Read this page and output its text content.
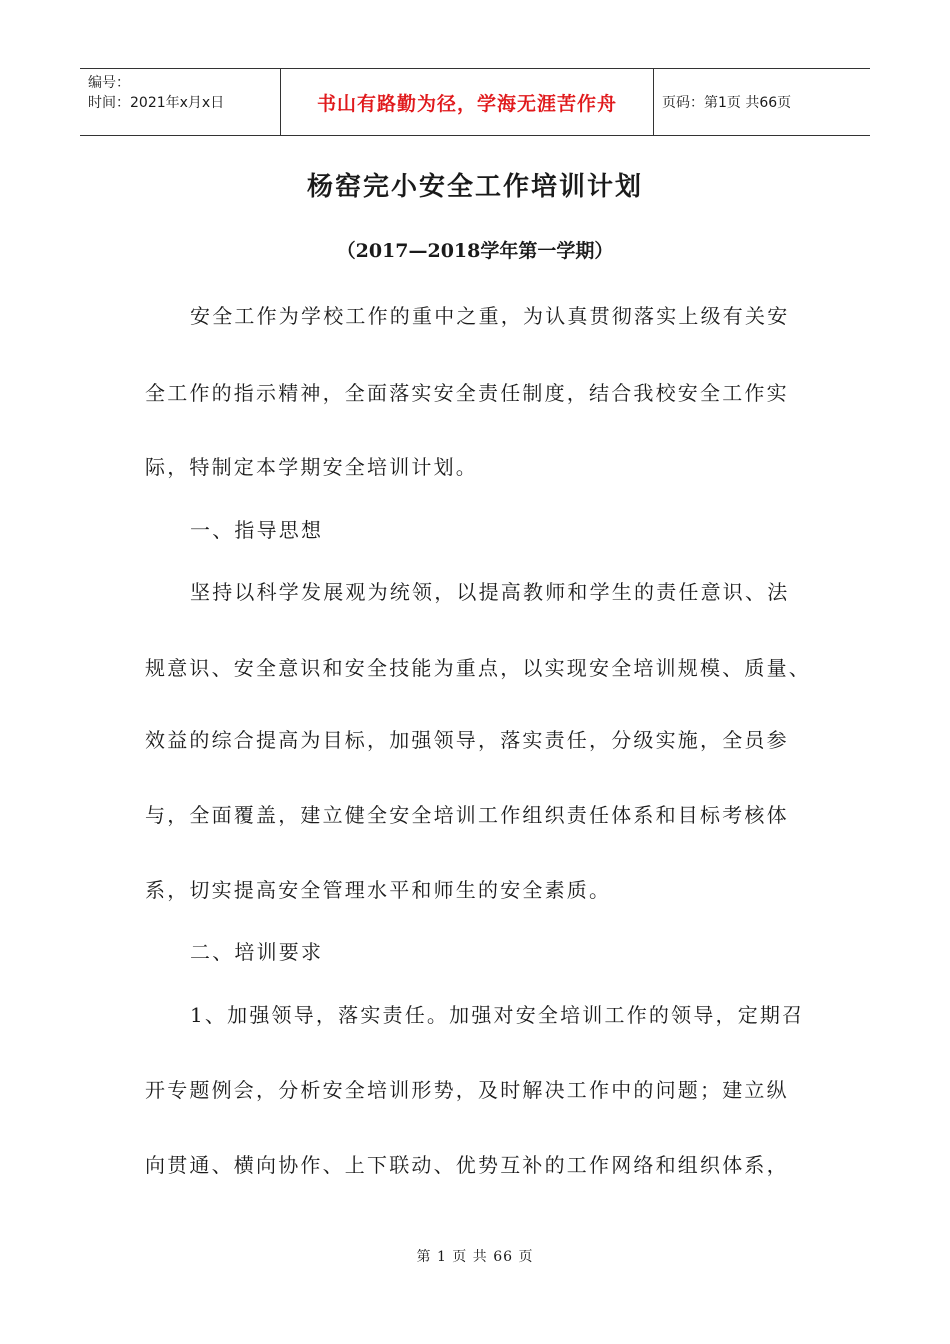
编号：
时间：2021年x月x日	书山有路勤为径，学海无涯苦作舟	页码：第1页 共66页
杨窑完小安全工作培训计划
（2017—2018学年第一学期）
安全工作为学校工作的重中之重，为认真贯彻落实上级有关安
全工作的指示精神，全面落实安全责任制度，结合我校安全工作实
际，特制定本学期安全培训计划。
一、指导思想
坚持以科学发展观为统领，以提高教师和学生的责任意识、法
规意识、安全意识和安全技能为重点，以实现安全培训规模、质量、
效益的综合提高为目标，加强领导，落实责任，分级实施，全员参
与，全面覆盖，建立健全安全培训工作组织责任体系和目标考核体
系，切实提高安全管理水平和师生的安全素质。
二、培训要求
1、加强领导，落实责任。加强对安全培训工作的领导，定期召
开专题例会，分析安全培训形势，及时解决工作中的问题；建立纵
向贯通、横向协作、上下联动、优势互补的工作网络和组织体系，
第 1 页 共 66 页
